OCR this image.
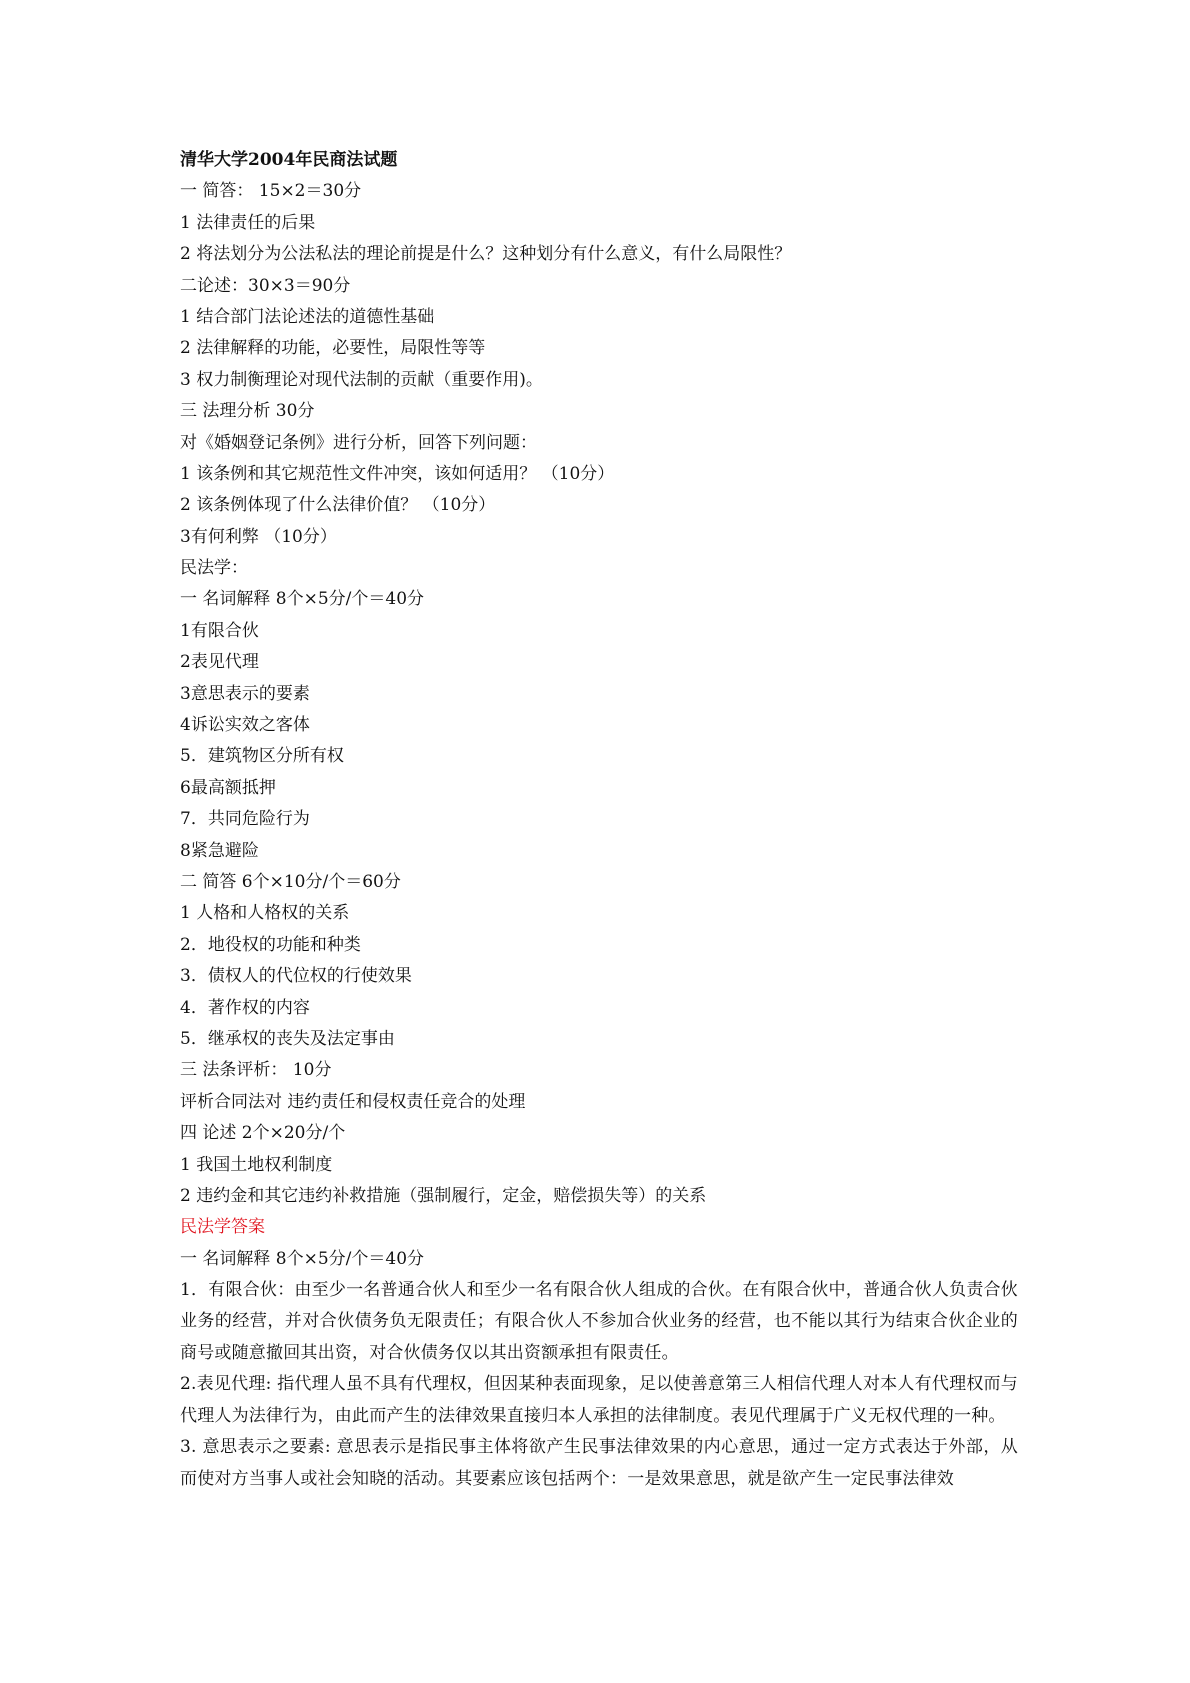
清华大学2004年民商法试题
一 简答： 15×2＝30分
1 法律责任的后果
2 将法划分为公法私法的理论前提是什么？这种划分有什么意义，有什么局限性？
二论述：30×3＝90分
1 结合部门法论述法的道德性基础
2 法律解释的功能，必要性，局限性等等
3 权力制衡理论对现代法制的贡献（重要作用)。
三 法理分析 30分
对《婚姻登记条例》进行分析，回答下列问题：
1 该条例和其它规范性文件冲突，该如何适用？ （10分）
2 该条例体现了什么法律价值？ （10分）
3有何利弊 （10分）
民法学：
一 名词解释 8个×5分/个＝40分
1有限合伙
2表见代理
3意思表示的要素
4诉讼实效之客体
5．建筑物区分所有权
6最高额抵押
7．共同危险行为
8紧急避险
二 简答 6个×10分/个＝60分
1 人格和人格权的关系
2．地役权的功能和种类
3．债权人的代位权的行使效果
4．著作权的内容
5．继承权的丧失及法定事由
三 法条评析： 10分
评析合同法对 违约责任和侵权责任竞合的处理
四 论述 2个×20分/个
1 我国土地权利制度
2 违约金和其它违约补救措施（强制履行，定金，赔偿损失等）的关系
民法学答案
一 名词解释 8个×5分/个＝40分
1．有限合伙：由至少一名普通合伙人和至少一名有限合伙人组成的合伙。在有限合伙中，普通合伙人负责合伙业务的经营，并对合伙债务负无限责任；有限合伙人不参加合伙业务的经营，也不能以其行为结束合伙企业的商号或随意撤回其出资，对合伙债务仅以其出资额承担有限责任。
2.表见代理: 指代理人虽不具有代理权，但因某种表面现象，足以使善意第三人相信代理人对本人有代理权而与代理人为法律行为，由此而产生的法律效果直接归本人承担的法律制度。表见代理属于广义无权代理的一种。
3. 意思表示之要素: 意思表示是指民事主体将欲产生民事法律效果的内心意思，通过一定方式表达于外部，从而使对方当事人或社会知晓的活动。其要素应该包括两个：一是效果意思，就是欲产生一定民事法律效
